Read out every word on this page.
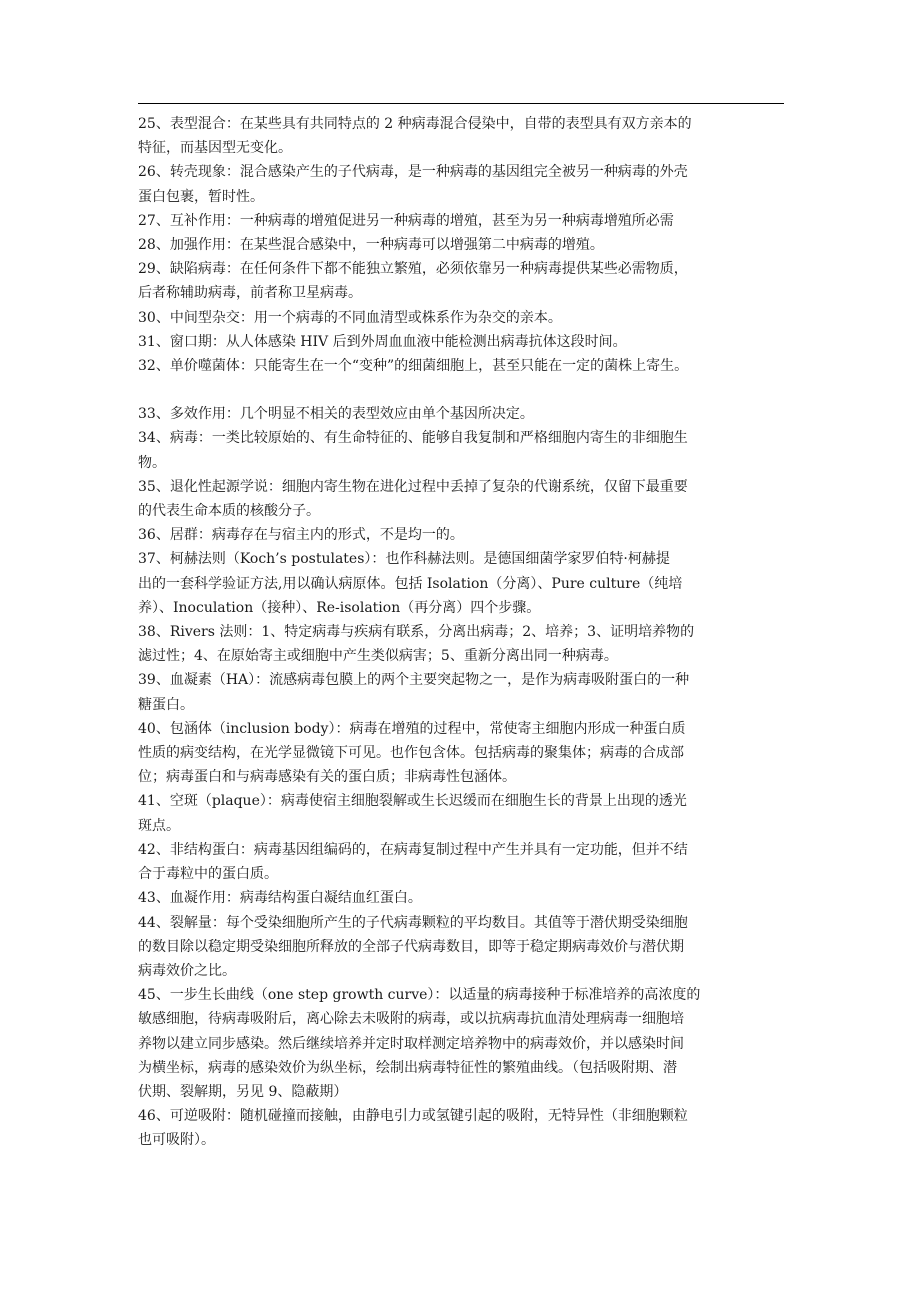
25、表型混合：在某些具有共同特点的 2 种病毒混合侵染中，自带的表型具有双方亲本的
特征，而基因型无变化。
26、转壳现象：混合感染产生的子代病毒，是一种病毒的基因组完全被另一种病毒的外壳
蛋白包裹，暂时性。
27、互补作用：一种病毒的增殖促进另一种病毒的增殖，甚至为另一种病毒增殖所必需
28、加强作用：在某些混合感染中，一种病毒可以增强第二中病毒的增殖。
29、缺陷病毒：在任何条件下都不能独立繁殖，必须依靠另一种病毒提供某些必需物质，
后者称辅助病毒，前者称卫星病毒。
30、中间型杂交：用一个病毒的不同血清型或株系作为杂交的亲本。
31、窗口期：从人体感染 HIV 后到外周血血液中能检测出病毒抗体这段时间。
32、单价噬菌体：只能寄生在一个“变种”的细菌细胞上，甚至只能在一定的菌株上寄生。
33、多效作用：几个明显不相关的表型效应由单个基因所决定。
34、病毒：一类比较原始的、有生命特征的、能够自我复制和严格细胞内寄生的非细胞生
物。
35、退化性起源学说：细胞内寄生物在进化过程中丢掉了复杂的代谢系统，仅留下最重要
的代表生命本质的核酸分子。
36、居群：病毒存在与宿主内的形式，不是均一的。
37、柯赫法则（Koch’s postulates）：也作科赫法则。是德国细菌学家罗伯特·柯赫提
出的一套科学验证方法,用以确认病原体。包括 Isolation（分离）、Pure culture（纯培
养）、Inoculation（接种）、Re-isolation（再分离）四个步骤。
38、Rivers 法则：1、特定病毒与疾病有联系，分离出病毒；2、培养；3、证明培养物的
滤过性；4、在原始寄主或细胞中产生类似病害；5、重新分离出同一种病毒。
39、血凝素（HA）：流感病毒包膜上的两个主要突起物之一，是作为病毒吸附蛋白的一种
糖蛋白。
40、包涵体（inclusion body）：病毒在增殖的过程中，常使寄主细胞内形成一种蛋白质
性质的病变结构，在光学显微镜下可见。也作包含体。包括病毒的聚集体；病毒的合成部
位；病毒蛋白和与病毒感染有关的蛋白质；非病毒性包涵体。
41、空斑（plaque）：病毒使宿主细胞裂解或生长迟缓而在细胞生长的背景上出现的透光
斑点。
42、非结构蛋白：病毒基因组编码的，在病毒复制过程中产生并具有一定功能，但并不结
合于毒粒中的蛋白质。
43、血凝作用：病毒结构蛋白凝结血红蛋白。
44、裂解量：每个受染细胞所产生的子代病毒颗粒的平均数目。其值等于潜伏期受染细胞
的数目除以稳定期受染细胞所释放的全部子代病毒数目，即等于稳定期病毒效价与潜伏期
病毒效价之比。
45、一步生长曲线（one step growth curve）：以适量的病毒接种于标准培养的高浓度的
敏感细胞，待病毒吸附后，离心除去未吸附的病毒，或以抗病毒抗血清处理病毒一细胞培
养物以建立同步感染。然后继续培养并定时取样测定培养物中的病毒效价，并以感染时间
为横坐标，病毒的感染效价为纵坐标，绘制出病毒特征性的繁殖曲线。（包括吸附期、潜
伏期、裂解期，另见 9、隐蔽期）
46、可逆吸附：随机碰撞而接触，由静电引力或氢键引起的吸附，无特异性（非细胞颗粒
也可吸附）。
